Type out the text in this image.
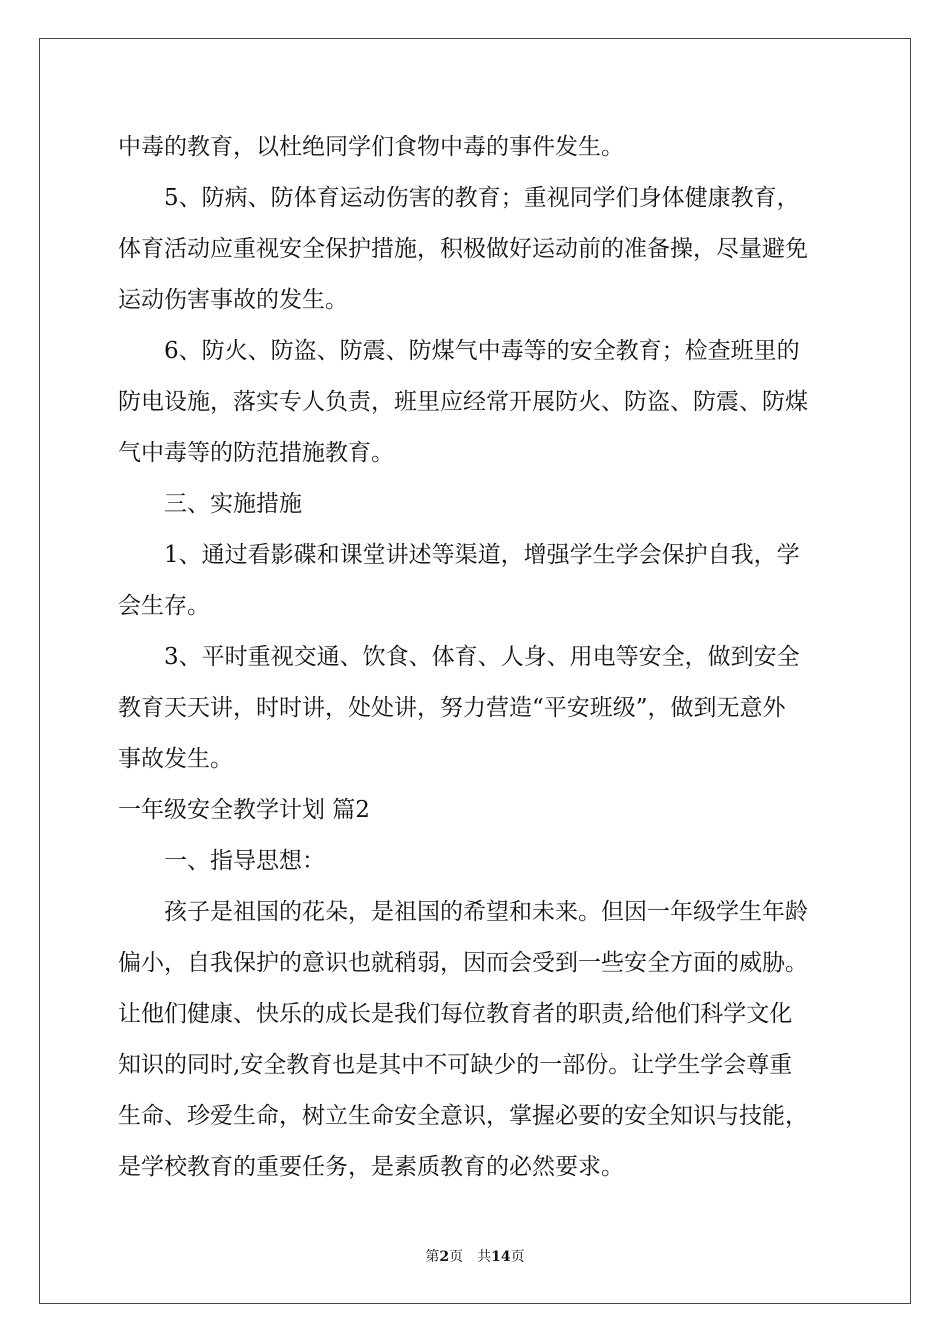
中毒的教育，以杜绝同学们食物中毒的事件发生。
5、防病、防体育运动伤害的教育；重视同学们身体健康教育，
体育活动应重视安全保护措施，积极做好运动前的准备操，尽量避免
运动伤害事故的发生。
6、防火、防盗、防震、防煤气中毒等的安全教育；检查班里的
防电设施，落实专人负责，班里应经常开展防火、防盗、防震、防煤
气中毒等的防范措施教育。
三、实施措施
1、通过看影碟和课堂讲述等渠道，增强学生学会保护自我，学
会生存。
3、平时重视交通、饮食、体育、人身、用电等安全，做到安全
教育天天讲，时时讲，处处讲，努力营造“平安班级”，做到无意外
事故发生。
一年级安全教学计划 篇2
一、指导思想：
孩子是祖国的花朵，是祖国的希望和未来。但因一年级学生年龄
偏小，自我保护的意识也就稍弱，因而会受到一些安全方面的威胁。
让他们健康、快乐的成长是我们每位教育者的职责,给他们科学文化
知识的同时,安全教育也是其中不可缺少的一部份。让学生学会尊重
生命、珍爱生命，树立生命安全意识，掌握必要的安全知识与技能，
是学校教育的重要任务，是素质教育的必然要求。
第2页 共14页
